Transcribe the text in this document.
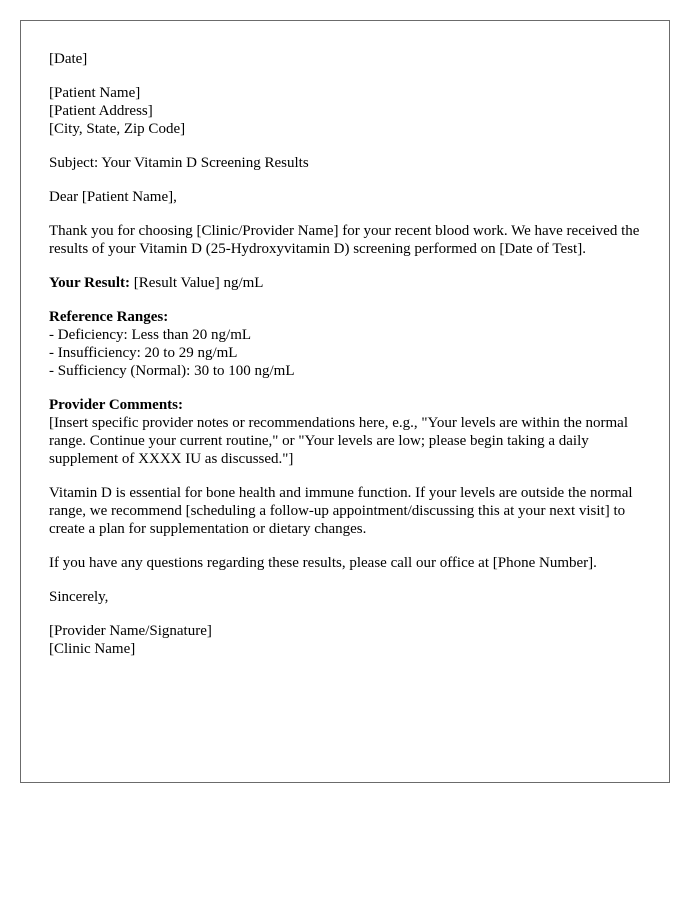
[Date]

[Patient Name]
[Patient Address]
[City, State, Zip Code]

Subject: Your Vitamin D Screening Results

Dear [Patient Name],

Thank you for choosing [Clinic/Provider Name] for your recent blood work. We have received the results of your Vitamin D (25-Hydroxyvitamin D) screening performed on [Date of Test].

Your Result: [Result Value] ng/mL

Reference Ranges:
- Deficiency: Less than 20 ng/mL
- Insufficiency: 20 to 29 ng/mL
- Sufficiency (Normal): 30 to 100 ng/mL

Provider Comments:
[Insert specific provider notes or recommendations here, e.g., "Your levels are within the normal range. Continue your current routine," or "Your levels are low; please begin taking a daily supplement of XXXX IU as discussed."]

Vitamin D is essential for bone health and immune function. If your levels are outside the normal range, we recommend [scheduling a follow-up appointment/discussing this at your next visit] to create a plan for supplementation or dietary changes.

If you have any questions regarding these results, please call our office at [Phone Number].

Sincerely,

[Provider Name/Signature]
[Clinic Name]
